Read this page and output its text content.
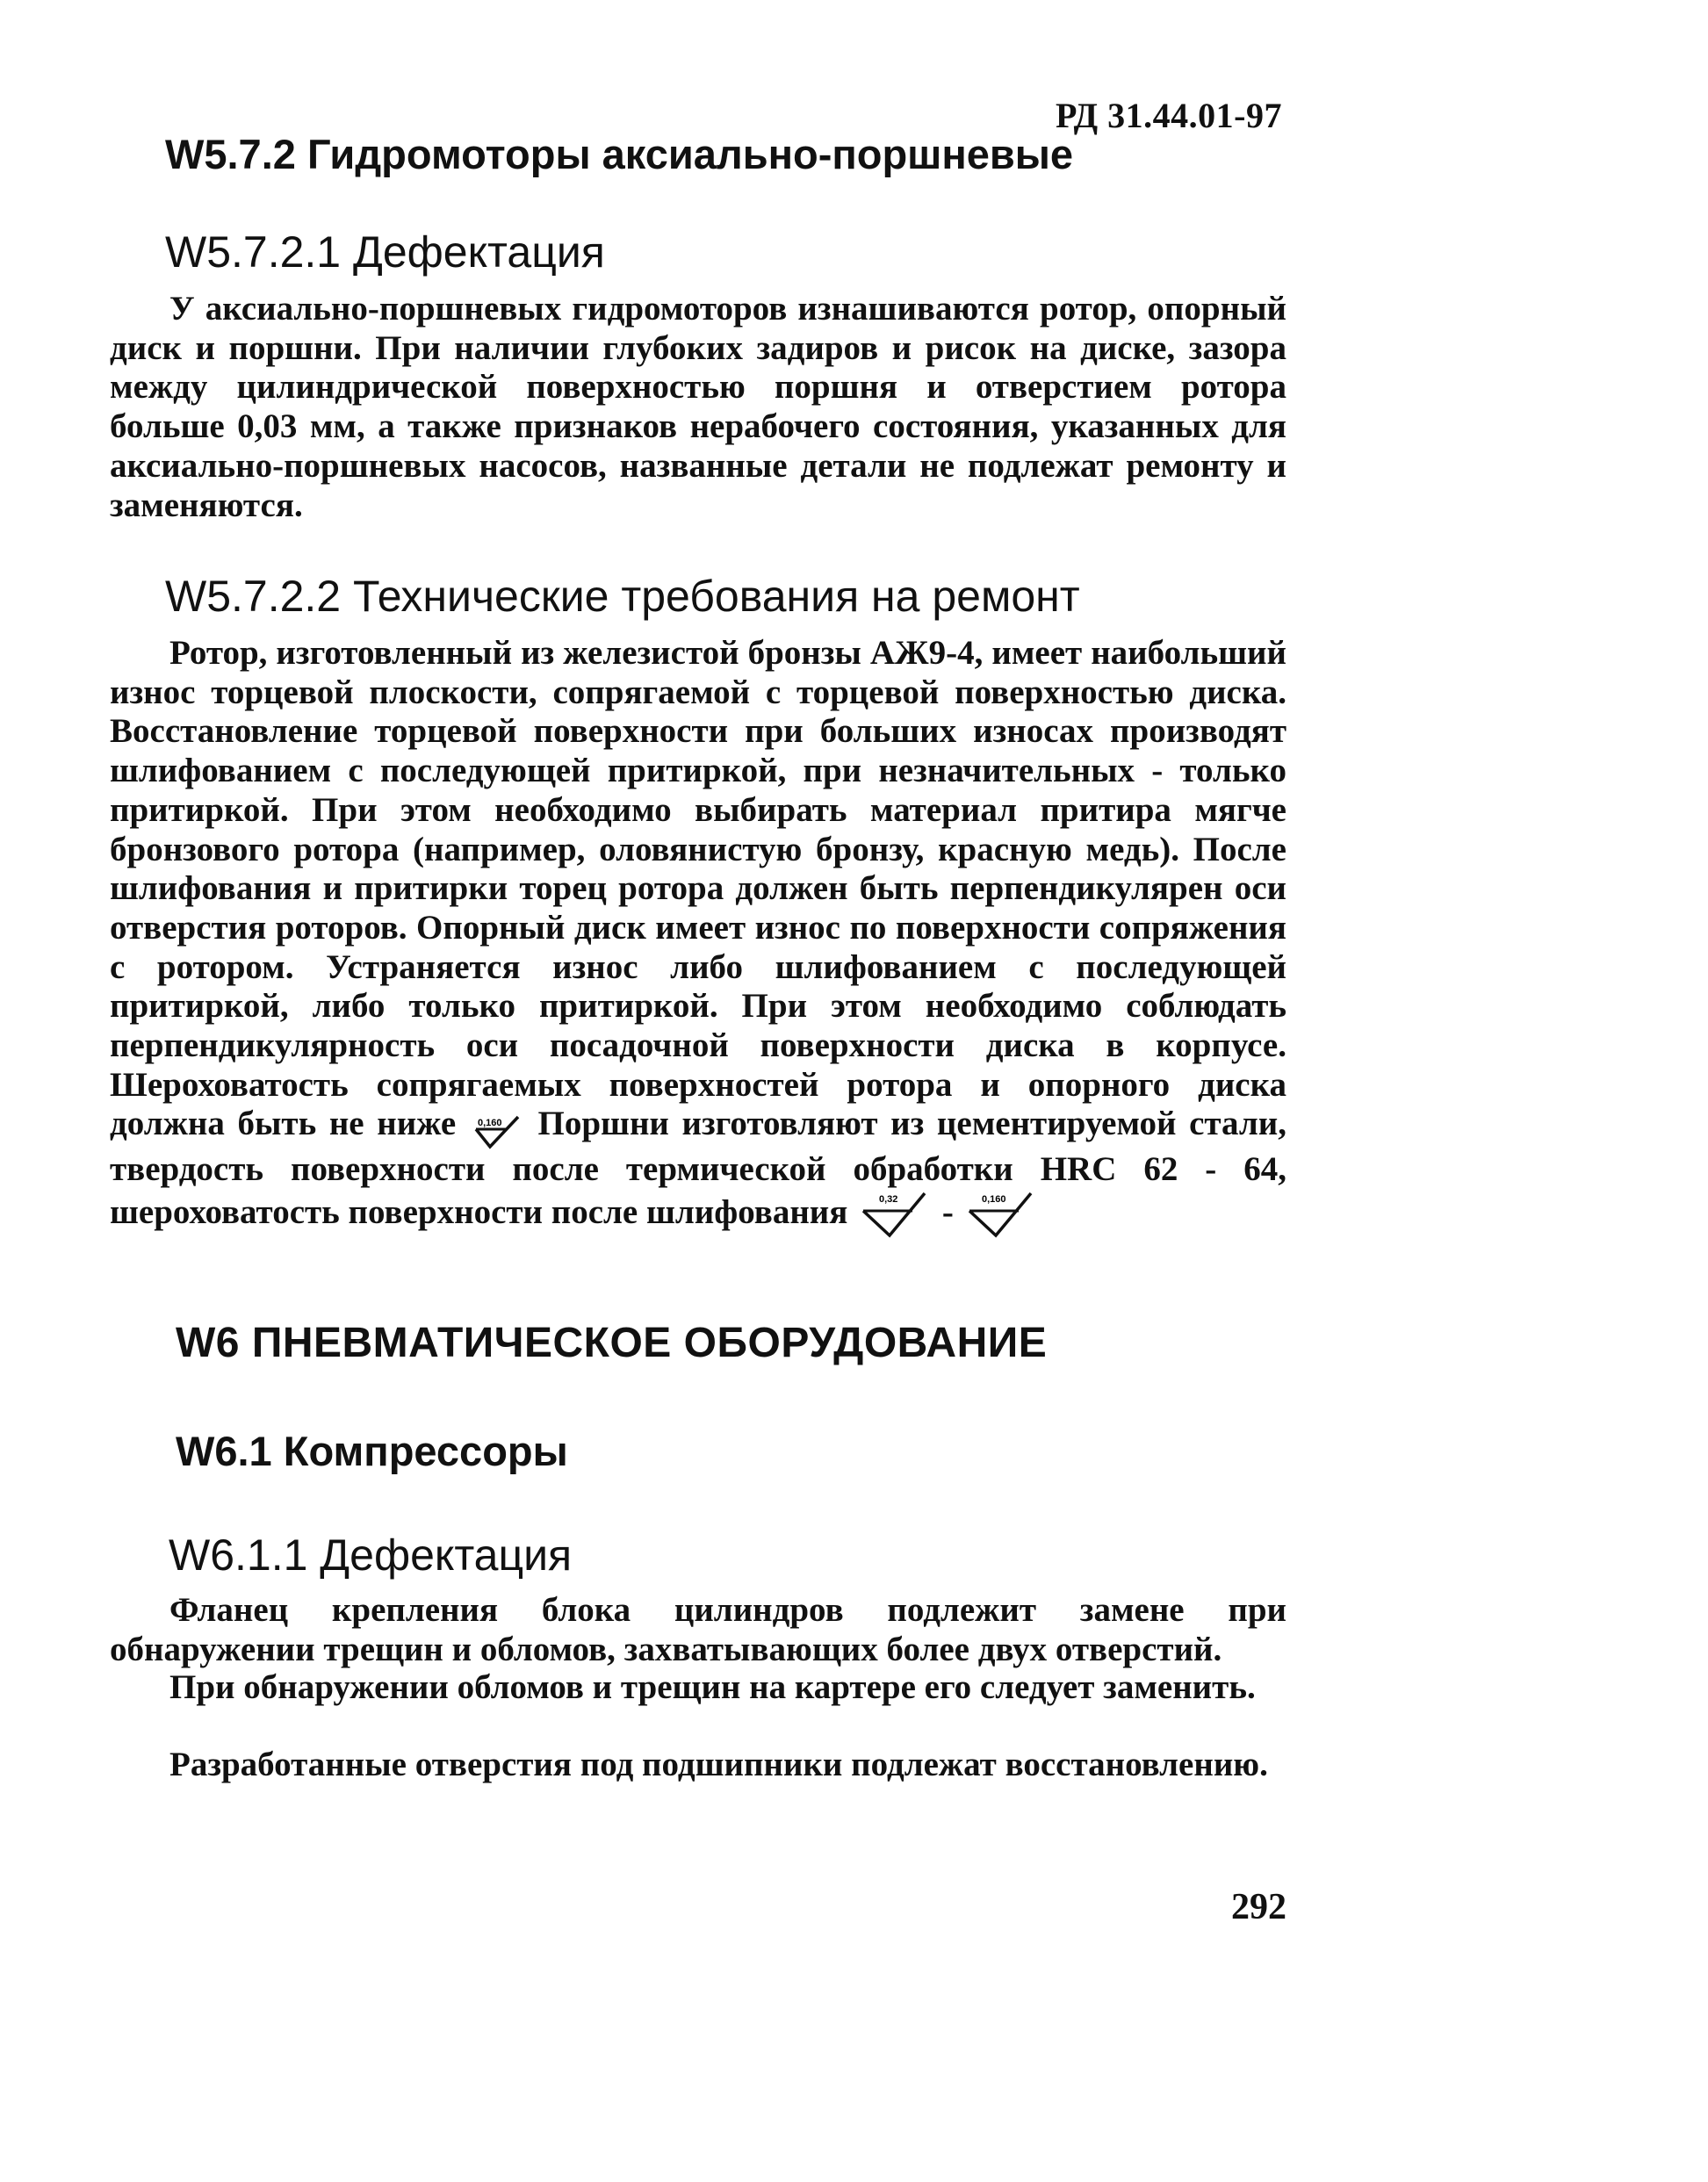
РД 31.44.01-97
W5.7.2 Гидромоторы аксиально-поршневые
W5.7.2.1 Дефектация

У аксиально-поршневых гидромоторов изнашиваются ротор, опорный диск и поршни. При наличии глубоких задиров и рисок на диске, зазора между цилиндрической поверхностью поршня и отверстием ротора больше 0,03 мм, а также признаков нерабочего состояния, указанных для аксиально-поршневых насосов, названные детали не подлежат ремонту и заменяются.

W5.7.2.2 Технические требования на ремонт

Ротор, изготовленный из железистой бронзы АЖ9-4, имеет наибольший износ торцевой плоскости, сопрягаемой с торцевой поверхностью диска. Восстановление торцевой поверхности при больших износах производят шлифованием с последующей притиркой, при незначительных - только притиркой. При этом необходимо выбирать материал притира мягче бронзового ротора (например, оловянистую бронзу, красную медь). После шлифования и притирки торец ротора должен быть перпендикулярен оси отверстия роторов. Опорный диск имеет износ по поверхности сопряжения с ротором. Устраняется износ либо шлифованием с последующей притиркой, либо только притиркой. При этом необходимо соблюдать перпендикулярность оси посадочной поверхности диска в корпусе. Шероховатость сопрягаемых поверхностей ротора и опорного диска должна быть не ниже 0,160 Поршни изготовляют из цементируемой стали, твердость поверхности после термической обработки HRC 62 - 64, шероховатость поверхности после шлифования	0,32 -	0,160

W6 ПНЕВМАТИЧЕСКОЕ ОБОРУДОВАНИЕ
W6.1 Компрессоры
W6.1.1 Дефектация

Фланец крепления блока цилиндров подлежит замене при обнаружении трещин и обломов, захватывающих более двух отверстий.

При обнаружении обломов и трещин на картере его следует заменить.

Разработанные отверстия под подшипники подлежат восстановлению.

292
